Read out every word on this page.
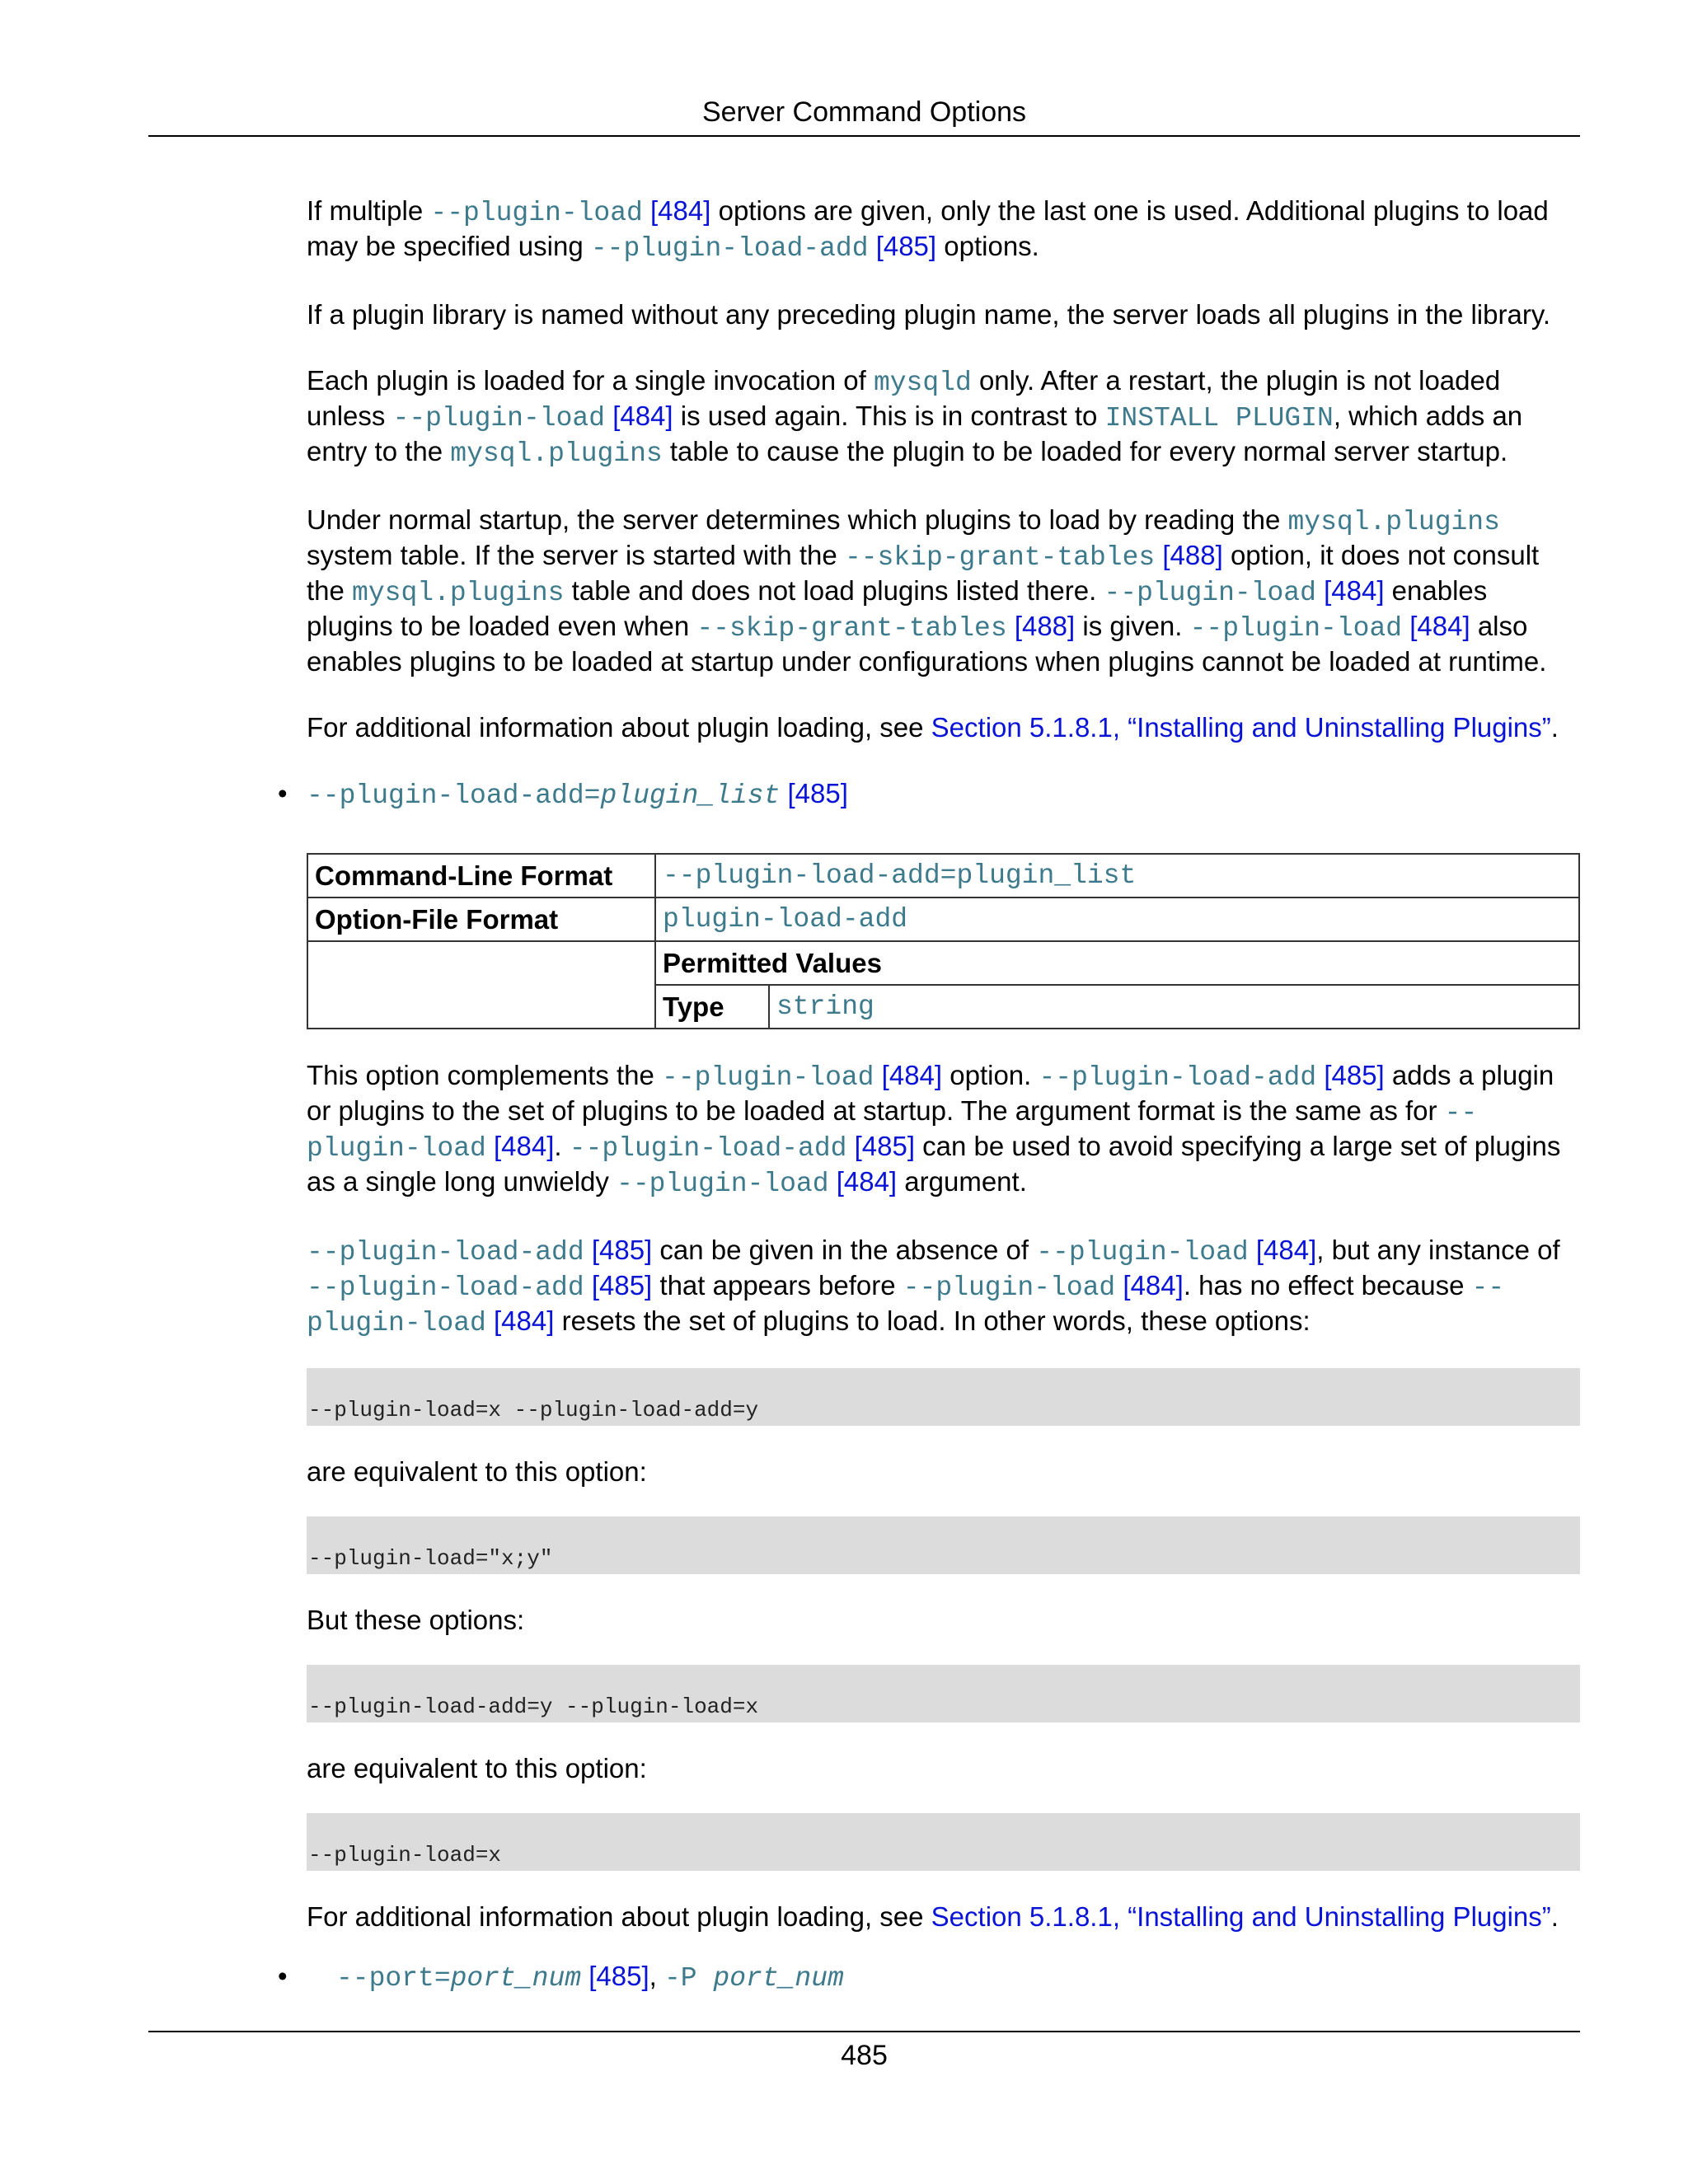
Server Command Options

If multiple --plugin-load [484] options are given, only the last one is used. Additional plugins to load may be specified using --plugin-load-add [485] options.

If a plugin library is named without any preceding plugin name, the server loads all plugins in the library.

Each plugin is loaded for a single invocation of mysqld only. After a restart, the plugin is not loaded unless --plugin-load [484] is used again. This is in contrast to INSTALL PLUGIN, which adds an entry to the mysql.plugins table to cause the plugin to be loaded for every normal server startup.

Under normal startup, the server determines which plugins to load by reading the mysql.plugins system table. If the server is started with the --skip-grant-tables [488] option, it does not consult the mysql.plugins table and does not load plugins listed there. --plugin-load [484] enables plugins to be loaded even when --skip-grant-tables [488] is given. --plugin-load [484] also enables plugins to be loaded at startup under configurations when plugins cannot be loaded at runtime.

For additional information about plugin loading, see Section 5.1.8.1, “Installing and Uninstalling Plugins”.

• --plugin-load-add=plugin_list [485]

Command-Line Format	--plugin-load-add=plugin_list	
Option-File Format	plugin-load-add	
	Permitted Values	
	Type	string

This option complements the --plugin-load [484] option. --plugin-load-add [485] adds a plugin or plugins to the set of plugins to be loaded at startup. The argument format is the same as for --plugin-load [484]. --plugin-load-add [485] can be used to avoid specifying a large set of plugins as a single long unwieldy --plugin-load [484] argument.

--plugin-load-add [485] can be given in the absence of --plugin-load [484], but any instance of --plugin-load-add [485] that appears before --plugin-load [484]. has no effect because --plugin-load [484] resets the set of plugins to load. In other words, these options:

--plugin-load=x --plugin-load-add=y

are equivalent to this option:

--plugin-load="x;y"

But these options:

--plugin-load-add=y --plugin-load=x

are equivalent to this option:

--plugin-load=x

For additional information about plugin loading, see Section 5.1.8.1, “Installing and Uninstalling Plugins”.

• --port=port_num [485], -P port_num

485
